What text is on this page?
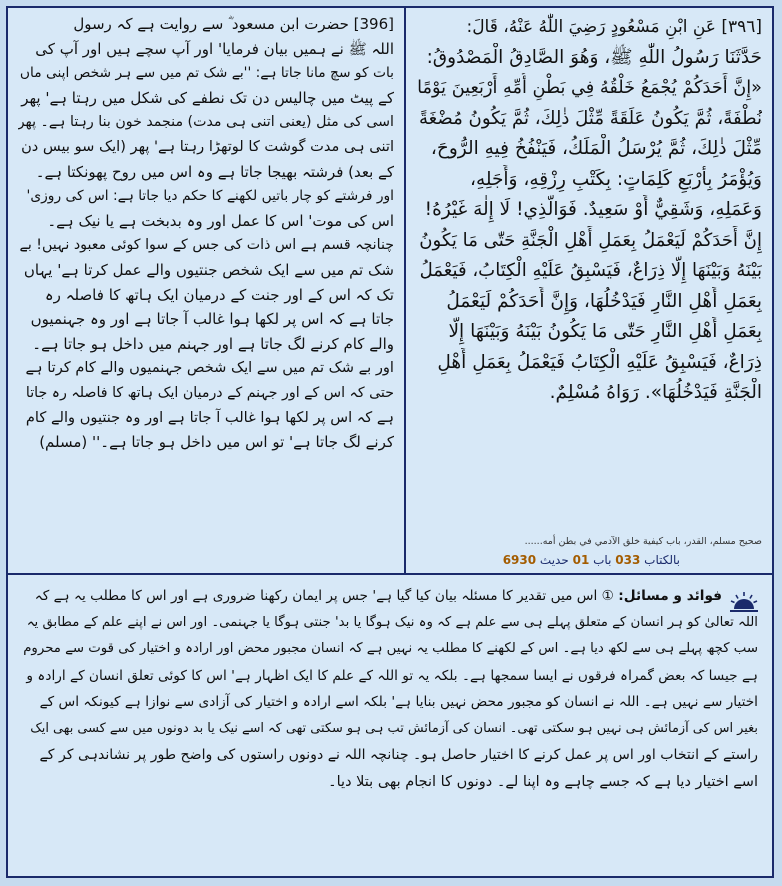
[396] حضرت ابن مسعود ؓ سے روایت ہے کہ رسول
اللہ ﷺ نے ہمیں بیان فرمایا' اور آپ سچے ہیں اور آپ کی
بات کو سچ مانا جاتا ہے: ''بے شک تم میں سے ہر شخص اپنی ماں
کے پیٹ میں چالیس دن تک نطفے کی شکل میں رہتا ہے' پھر
اسی کی مثل (یعنی اتنی ہی مدت) منجمد خون بنا رہتا ہے۔ پھر
اتنی ہی مدت گوشت کا لوتھڑا رہتا ہے' پھر (ایک سو بیس دن
کے بعد) فرشتہ بھیجا جاتا ہے وہ اس میں روح پھونکتا ہے۔
اور فرشتے کو چار باتیں لکھنے کا حکم دیا جاتا ہے: اس کی روزی'
اس کی موت' اس کا عمل اور وہ بدبخت ہے یا نیک ہے۔
چنانچہ قسم ہے اس ذات کی جس کے سوا کوئی معبود نہیں! بے
شک تم میں سے ایک شخص جنتیوں والے عمل کرتا ہے' یہاں
تک کہ اس کے اور جنت کے درمیان ایک ہاتھ کا فاصلہ رہ
جاتا ہے کہ اس پر لکھا ہوا غالب آ جاتا ہے اور وہ جہنمیوں
والے کام کرنے لگ جاتا ہے اور جہنم میں داخل ہو جاتا ہے۔
اور بے شک تم میں سے ایک شخص جہنمیوں والے کام کرتا ہے
حتی کہ اس کے اور جہنم کے درمیان ایک ہاتھ کا فاصلہ رہ جاتا
ہے کہ اس پر لکھا ہوا غالب آ جاتا ہے اور وہ جنتیوں والے کام
کرنے لگ جاتا ہے' تو اس میں داخل ہو جاتا ہے۔'' (مسلم)
[٣٩٦] عَنِ ابْنِ مَسْعُودٍ رَضِيَ اللّٰهُ عَنْهُ، قَالَ:
حَدَّثَنَا رَسُولُ اللّٰهِ ﷺ، وَهُوَ الصَّادِقُ الْمَصْدُوقُ:
«إِنَّ أَحَدَكُمْ يُجْمَعُ خَلْقُهُ فِي بَطْنِ أُمِّهِ أَرْبَعِينَ يَوْمًا
نُطْفَةً، ثُمَّ يَكُونُ عَلَقَةً مِّثْلَ ذٰلِكَ، ثُمَّ يَكُونُ مُضْغَةً
مِّثْلَ ذٰلِكَ، ثُمَّ يُرْسَلُ الْمَلَكُ، فَيَنْفُخُ فِيهِ الرُّوحَ،
وَيُؤْمَرُ بِأَرْبَعِ كَلِمَاتٍ: بِكَتْبِ رِزْقِهِ، وَأَجَلِهِ،
وَعَمَلِهِ، وَشَقِيٌّ أَوْ سَعِيدٌ. فَوَالَّذِي! لَا إِلٰهَ غَيْرُهُ!
إِنَّ أَحَدَكُمْ لَيَعْمَلُ بِعَمَلِ أَهْلِ الْجَنَّةِ حَتّٰى مَا يَكُونُ
بَيْنَهُ وَبَيْنَهَا إِلَّا ذِرَاعٌ، فَيَسْبِقُ عَلَيْهِ الْكِتَابُ، فَيَعْمَلُ
بِعَمَلِ أَهْلِ النَّارِ فَيَدْخُلُهَا، وَإِنَّ أَحَدَكُمْ لَيَعْمَلُ
بِعَمَلِ أَهْلِ النَّارِ حَتّٰى مَا يَكُونُ بَيْنَهُ وَبَيْنَهَا إِلَّا
ذِرَاعٌ، فَيَسْبِقُ عَلَيْهِ الْكِتَابُ فَيَعْمَلُ بِعَمَلِ أَهْلِ
الْجَنَّةِ فَيَدْخُلُهَا». رَوَاهُ مُسْلِمٌ.
صحيح مسلم، القدر، باب كيفية خلق الآدمي في بطن أمه......
بالكتاب 033 باب 01 حديث 6930
فوائد و مسائل: ① اس میں تقدیر کا مسئلہ بیان کیا گیا ہے' جس پر ایمان رکھنا ضروری ہے اور اس کا مطلب یہ ہے کہ
اللہ تعالیٰ کو ہر انسان کے متعلق پہلے ہی سے علم ہے کہ وہ نیک ہوگا یا بد' جنتی ہوگا یا جہنمی۔ اور اس نے اپنے علم کے مطابق یہ
سب کچھ پہلے ہی سے لکھ دیا ہے۔ اس کے لکھنے کا مطلب یہ نہیں ہے کہ انسان مجبور محض اور ارادہ و اختیار کی قوت سے محروم
ہے جیسا کہ بعض گمراہ فرقوں نے ایسا سمجھا ہے۔ بلکہ یہ تو اللہ کے علم کا ایک اظہار ہے' اس کا کوئی تعلق انسان کے ارادہ و
اختیار سے نہیں ہے۔ اللہ نے انسان کو مجبور محض نہیں بنایا ہے' بلکہ اسے ارادہ و اختیار کی آزادی سے نوازا ہے کیونکہ اس کے
بغیر اس کی آزمائش ہی نہیں ہو سکتی تھی۔ انسان کی آزمائش تب ہی ہو سکتی تھی کہ اسے نیک یا بد دونوں میں سے کسی بھی ایک
راستے کے انتخاب اور اس پر عمل کرنے کا اختیار حاصل ہو۔ چنانچہ اللہ نے دونوں راستوں کی واضح طور پر نشاندہی کر کے
اسے اختیار دیا ہے کہ جسے چاہے وہ اپنا لے۔ دونوں کا انجام بھی بتلا دیا۔
